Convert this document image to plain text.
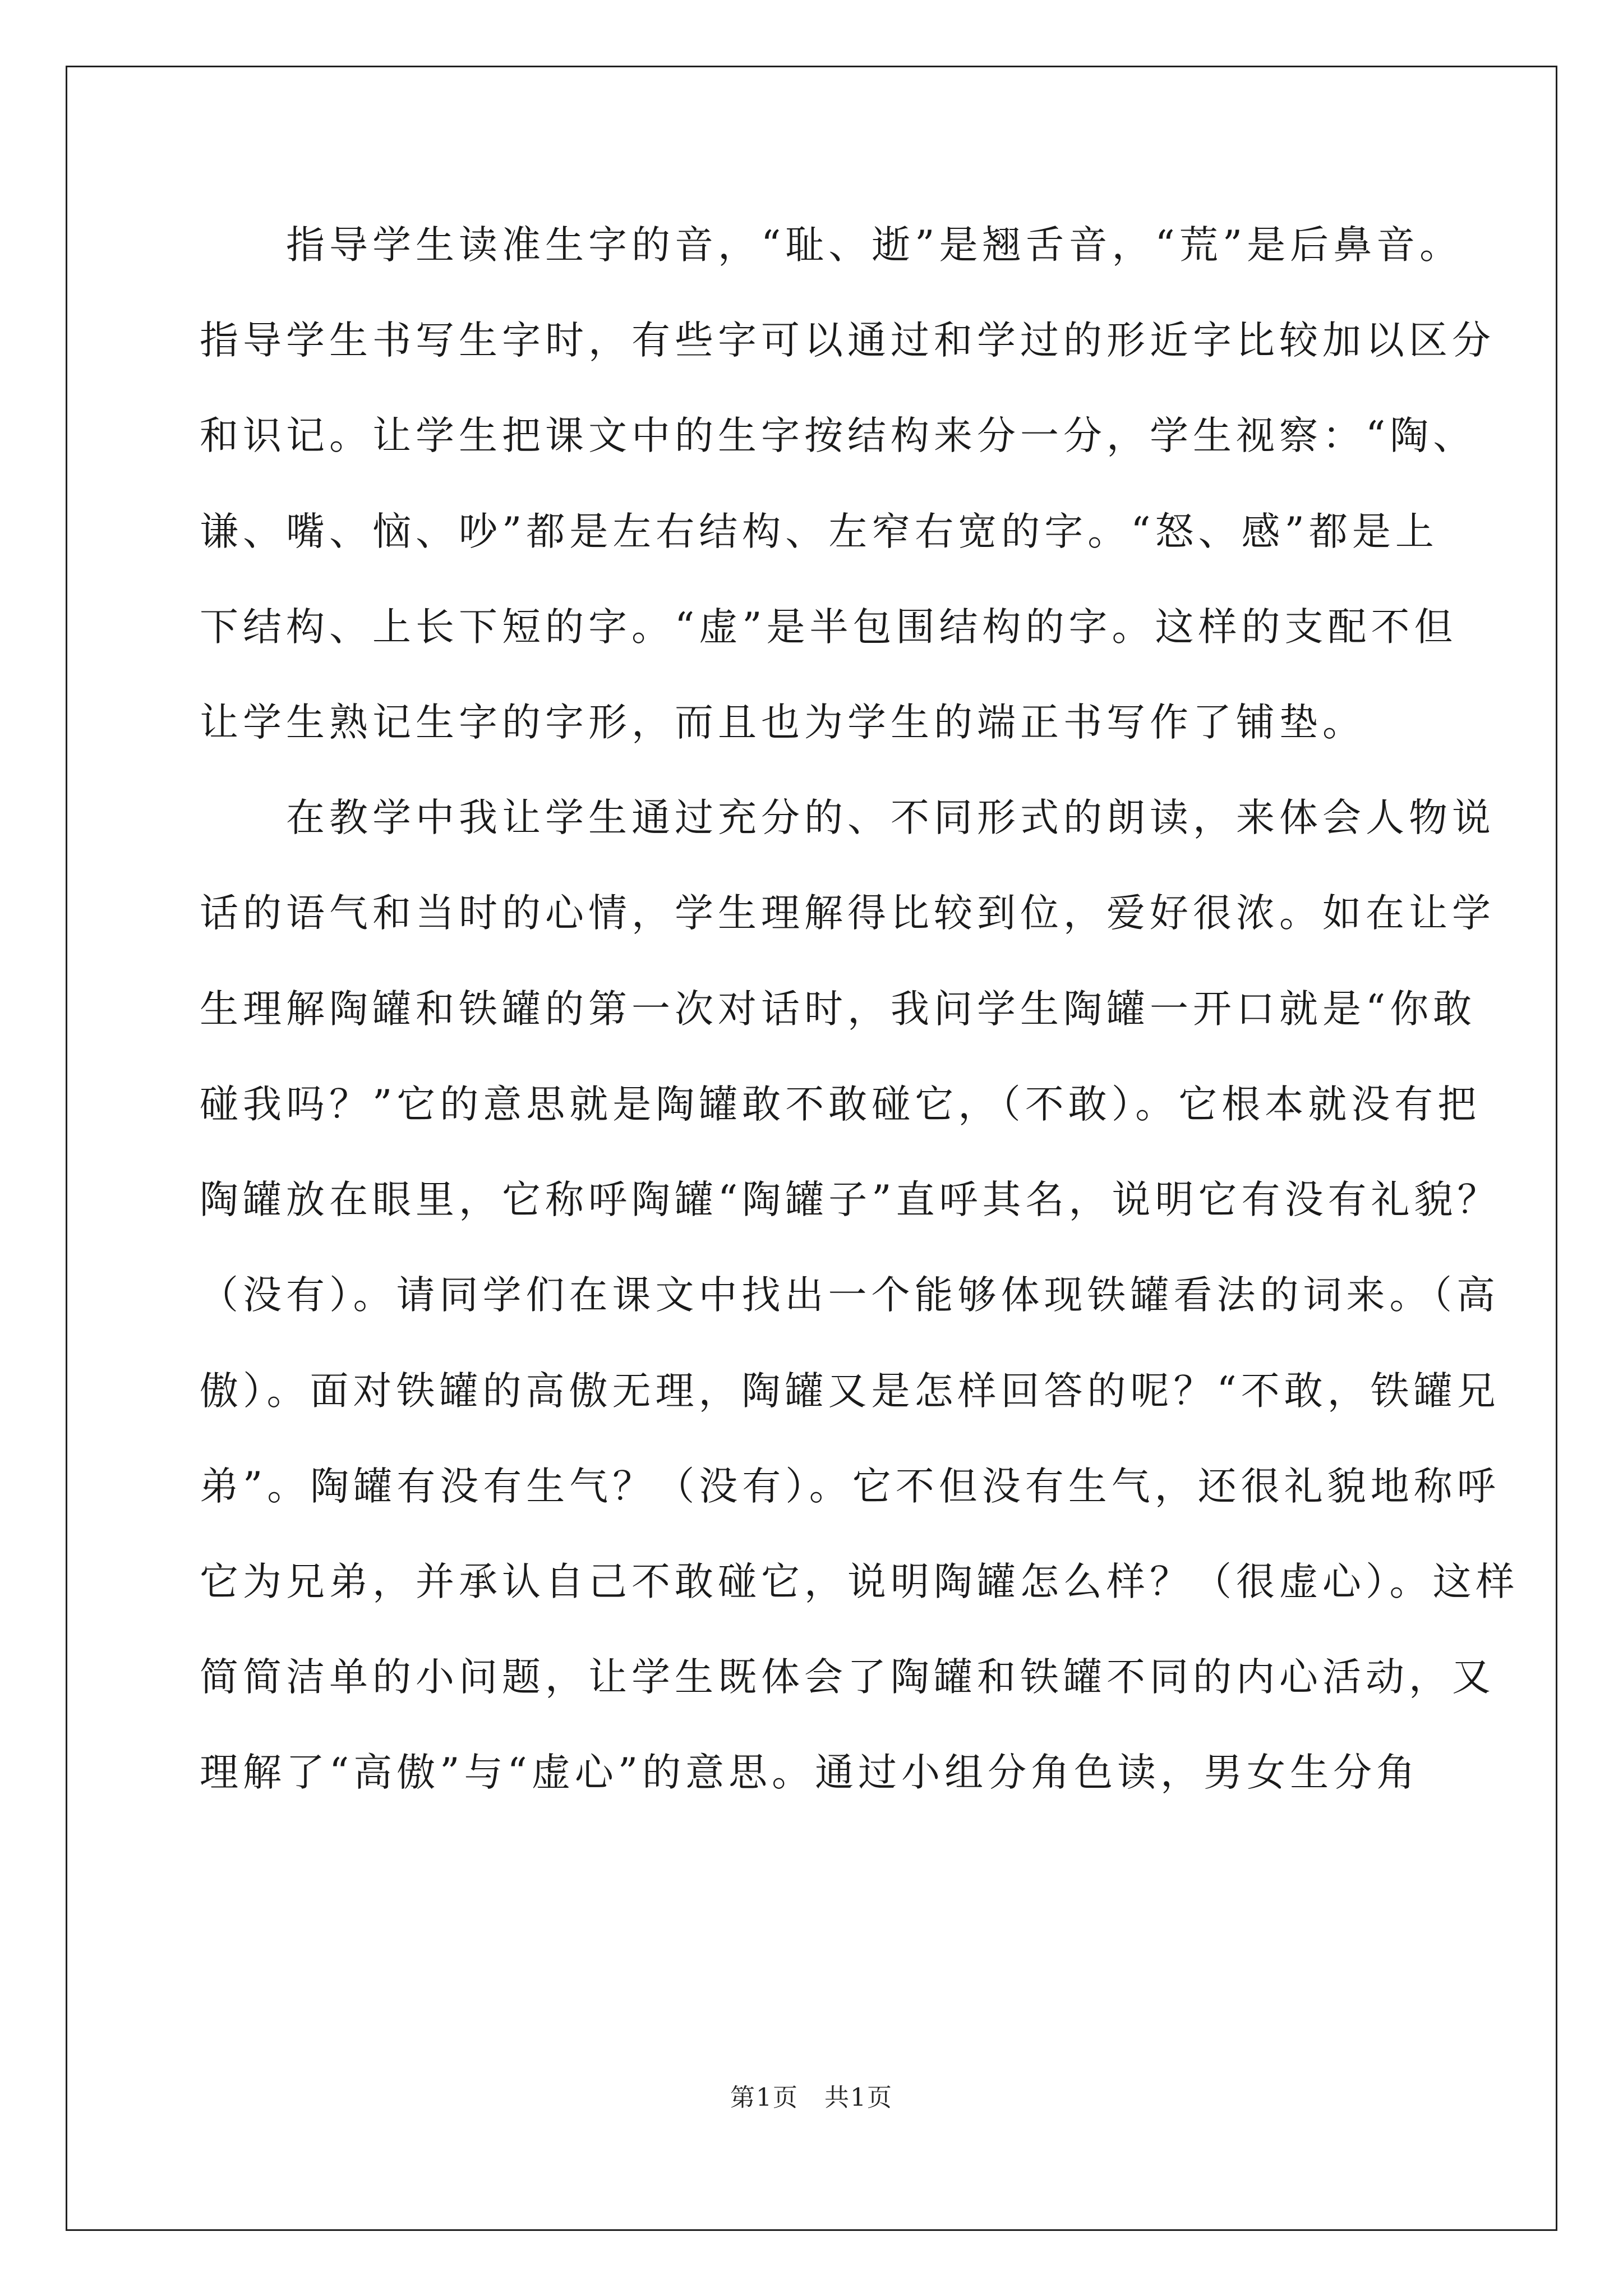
　　指导学生读准生字的音，“耻、逝”是翘舌音，“荒”是后鼻音。
指导学生书写生字时，有些字可以通过和学过的形近字比较加以区分
和识记。让学生把课文中的生字按结构来分一分，学生视察：“陶、
谦、嘴、恼、吵”都是左右结构、左窄右宽的字。“怒、感”都是上
下结构、上长下短的字。“虚”是半包围结构的字。这样的支配不但
让学生熟记生字的字形，而且也为学生的端正书写作了铺垫。
　　在教学中我让学生通过充分的、不同形式的朗读，来体会人物说
话的语气和当时的心情，学生理解得比较到位，爱好很浓。如在让学
生理解陶罐和铁罐的第一次对话时，我问学生陶罐一开口就是“你敢
碰我吗？”它的意思就是陶罐敢不敢碰它，（不敢）。它根本就没有把
陶罐放在眼里，它称呼陶罐“陶罐子”直呼其名，说明它有没有礼貌？
（没有）。请同学们在课文中找出一个能够体现铁罐看法的词来。（高
傲）。面对铁罐的高傲无理，陶罐又是怎样回答的呢？“不敢，铁罐兄
弟”。陶罐有没有生气？（没有）。它不但没有生气，还很礼貌地称呼
它为兄弟，并承认自己不敢碰它，说明陶罐怎么样？（很虚心）。这样
简简洁单的小问题，让学生既体会了陶罐和铁罐不同的内心活动，又
理解了“高傲”与“虚心”的意思。通过小组分角色读，男女生分角
第1页　共1页
